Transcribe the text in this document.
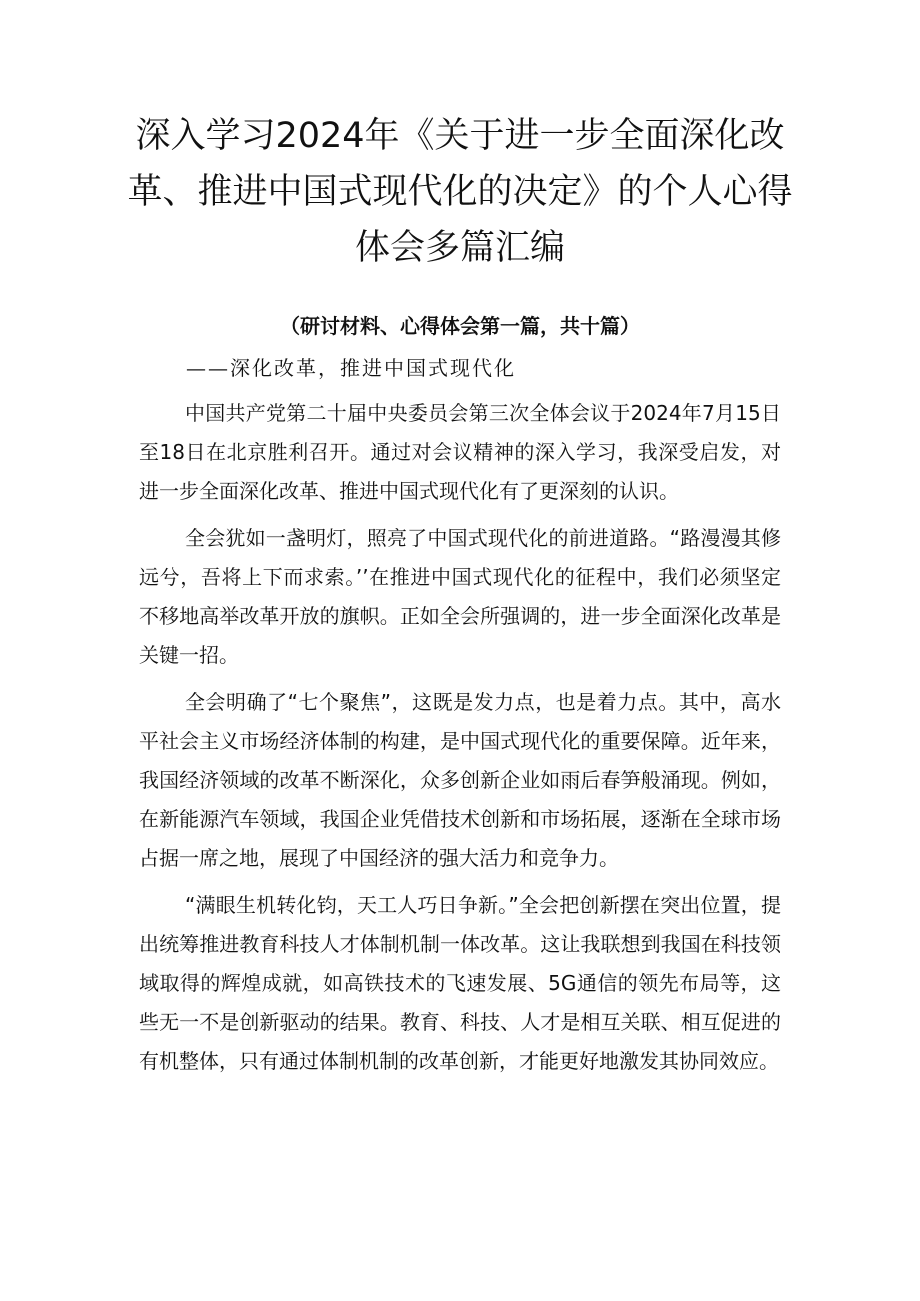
深入学习2024年《关于进一步全面深化改革、推进中国式现代化的决定》的个人心得体会多篇汇编
（研讨材料、心得体会第一篇，共十篇）
——深化改革，推进中国式现代化

中国共产党第二十届中央委员会第三次全体会议于2024年7月15日至18日在北京胜利召开。通过对会议精神的深入学习，我深受启发，对进一步全面深化改革、推进中国式现代化有了更深刻的认识。

全会犹如一盏明灯，照亮了中国式现代化的前进道路。“路漫漫其修远兮，吾将上下而求索。’’在推进中国式现代化的征程中，我们必须坚定不移地高举改革开放的旗帜。正如全会所强调的，进一步全面深化改革是关键一招。

全会明确了“七个聚焦”，这既是发力点，也是着力点。其中，高水平社会主义市场经济体制的构建，是中国式现代化的重要保障。近年来，我国经济领域的改革不断深化，众多创新企业如雨后春笋般涌现。例如，在新能源汽车领域，我国企业凭借技术创新和市场拓展，逐渐在全球市场占据一席之地，展现了中国经济的强大活力和竞争力。

“满眼生机转化钧，天工人巧日争新。”全会把创新摆在突出位置，提出统筹推进教育科技人才体制机制一体改革。这让我联想到我国在科技领域取得的辉煌成就，如高铁技术的飞速发展、5G通信的领先布局等，这些无一不是创新驱动的结果。教育、科技、人才是相互关联、相互促进的有机整体，只有通过体制机制的改革创新，才能更好地激发其协同效应。
